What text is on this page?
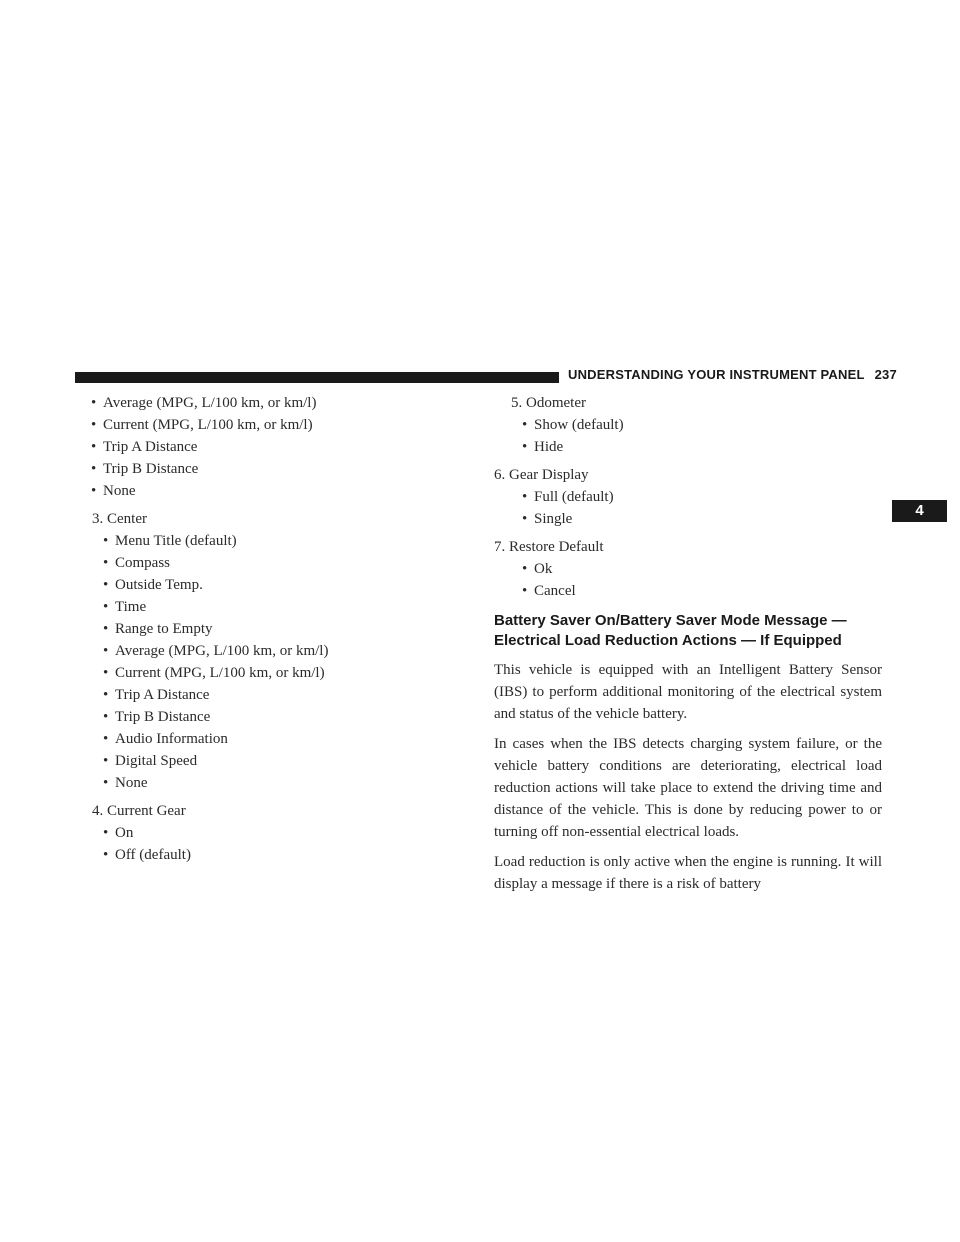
UNDERSTANDING YOUR INSTRUMENT PANEL 237
4
• Average (MPG, L/100 km, or km/l)
• Current (MPG, L/100 km, or km/l)
• Trip A Distance
• Trip B Distance
• None
3. Center
• Menu Title (default)
• Compass
• Outside Temp.
• Time
• Range to Empty
• Average (MPG, L/100 km, or km/l)
• Current (MPG, L/100 km, or km/l)
• Trip A Distance
• Trip B Distance
• Audio Information
• Digital Speed
• None
4. Current Gear
• On
• Off (default)
5. Odometer
• Show (default)
• Hide
6. Gear Display
• Full (default)
• Single
7. Restore Default
• Ok
• Cancel
Battery Saver On/Battery Saver Mode Message —
Electrical Load Reduction Actions — If Equipped
This vehicle is equipped with an Intelligent Battery Sensor (IBS) to perform additional monitoring of the electrical system and status of the vehicle battery.
In cases when the IBS detects charging system failure, or the vehicle battery conditions are deteriorating, electrical load reduction actions will take place to extend the driving time and distance of the vehicle. This is done by reducing power to or turning off non-essential electrical loads.
Load reduction is only active when the engine is running. It will display a message if there is a risk of battery
